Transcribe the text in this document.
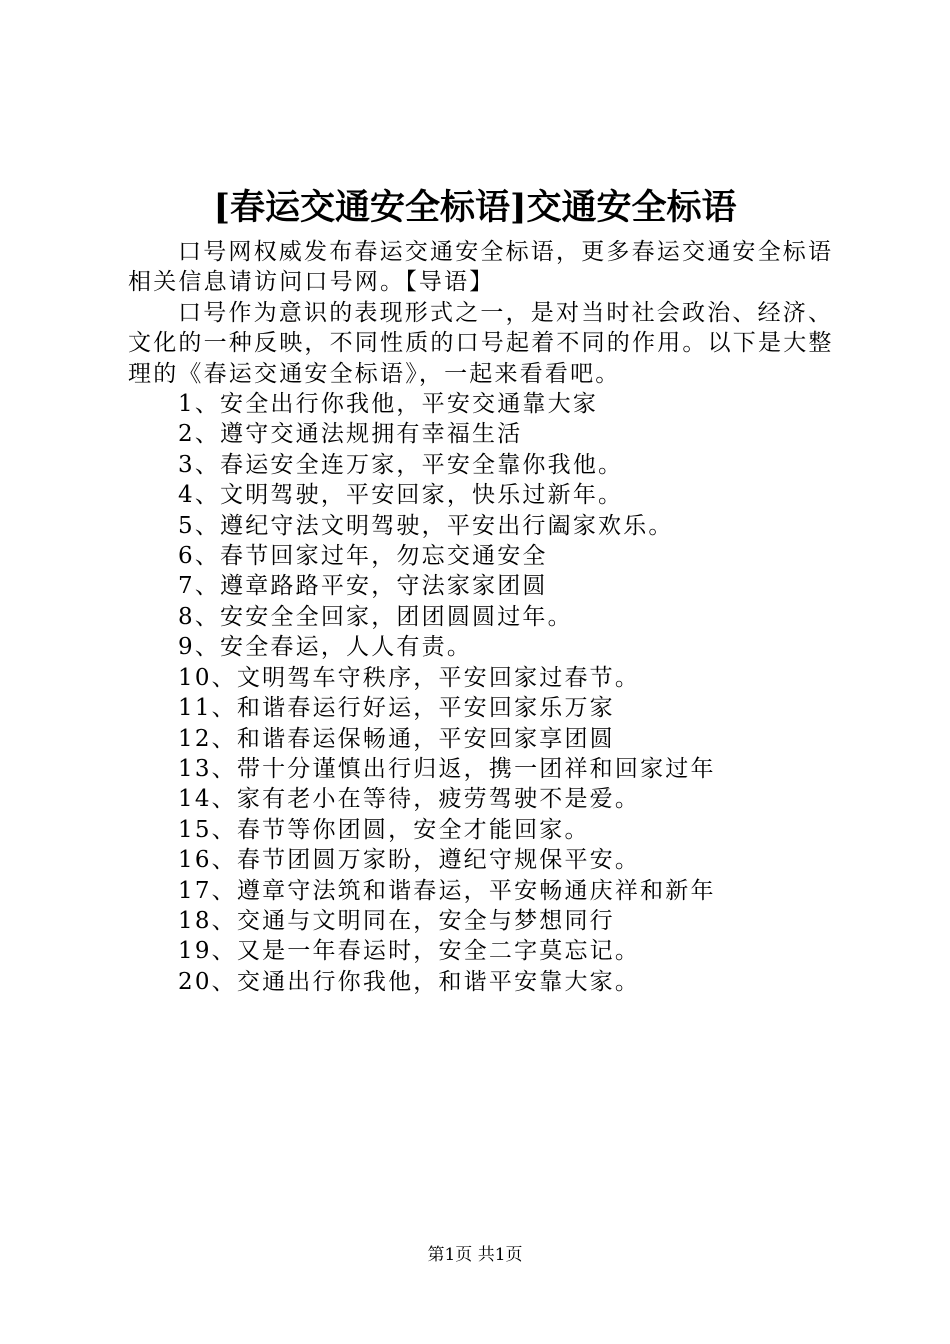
[春运交通安全标语]交通安全标语

口号网权威发布春运交通安全标语，更多春运交通安全标语相关信息请访问口号网。【导语】

口号作为意识的表现形式之一，是对当时社会政治、经济、文化的一种反映，不同性质的口号起着不同的作用。以下是大整理的《春运交通安全标语》，一起来看看吧。

1、安全出行你我他，平安交通靠大家
2、遵守交通法规拥有幸福生活
3、春运安全连万家，平安全靠你我他。
4、文明驾驶，平安回家，快乐过新年。
5、遵纪守法文明驾驶，平安出行阖家欢乐。
6、春节回家过年，勿忘交通安全
7、遵章路路平安，守法家家团圆
8、安安全全回家，团团圆圆过年。
9、安全春运，人人有责。
10、文明驾车守秩序，平安回家过春节。
11、和谐春运行好运，平安回家乐万家
12、和谐春运保畅通，平安回家享团圆
13、带十分谨慎出行归返，携一团祥和回家过年
14、家有老小在等待，疲劳驾驶不是爱。
15、春节等你团圆，安全才能回家。
16、春节团圆万家盼，遵纪守规保平安。
17、遵章守法筑和谐春运，平安畅通庆祥和新年
18、交通与文明同在，安全与梦想同行
19、又是一年春运时，安全二字莫忘记。
20、交通出行你我他，和谐平安靠大家。
第1页 共1页
